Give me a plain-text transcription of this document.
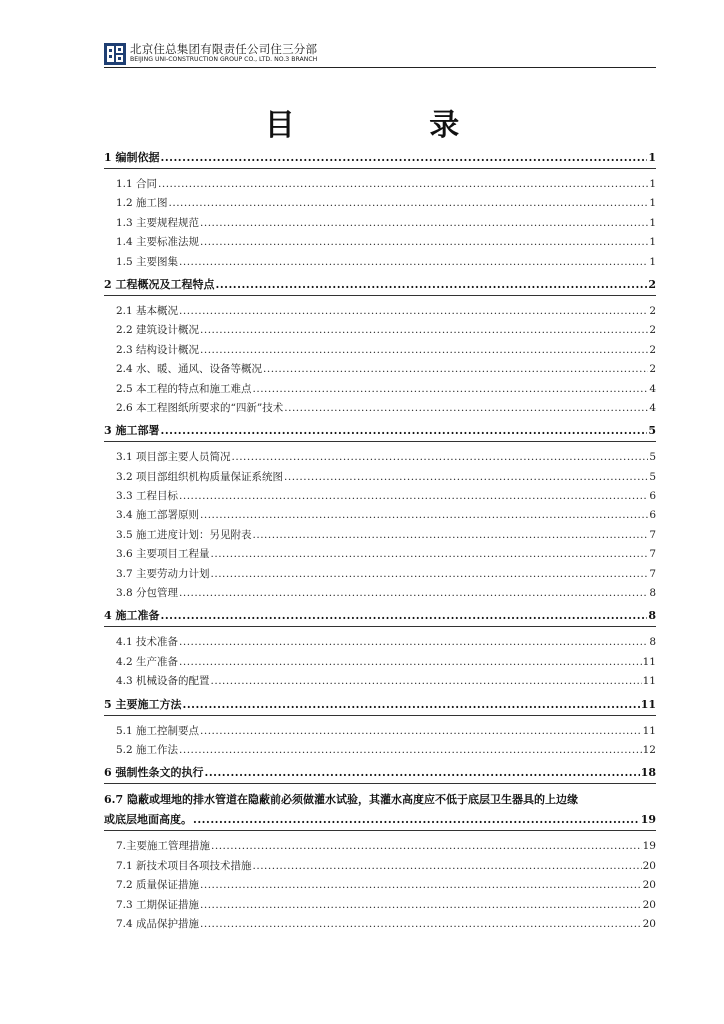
北京住总集团有限责任公司住三分部
BEIJING UNI-CONSTRUCTION GROUP CO., LTD. NO.3 BRANCH
目 录
1 编制依据 .....	1
1.1 合同 .....	1
1.2 施工图 .....	1
1.3 主要规程规范 .....	1
1.4 主要标准法规 .....	1
1.5 主要图集 .....	1
2 工程概况及工程特点 .....	2
2.1 基本概况 .....	2
2.2 建筑设计概况 .....	2
2.3 结构设计概况 .....	2
2.4 水、暖、通风、设备等概况 .....	2
2.5 本工程的特点和施工难点 .....	4
2.6 本工程图纸所要求的“四新”技术 .....	4
3 施工部署 .....	5
3.1 项目部主要人员简况 .....	5
3.2 项目部组织机构质量保证系统图 .....	5
3.3 工程目标 .....	6
3.4 施工部署原则 .....	6
3.5 施工进度计划：另见附表 .....	7
3.6 主要项目工程量 .....	7
3.7 主要劳动力计划 .....	7
3.8 分包管理 .....	8
4 施工准备 .....	8
4.1 技术准备 .....	8
4.2 生产准备 .....	11
4.3 机械设备的配置 .....	11
5 主要施工方法 .....	11
5.1 施工控制要点 .....	11
5.2 施工作法 .....	12
6 强制性条文的执行 .....	18
6.7 隐蔽或埋地的排水管道在隐蔽前必须做灌水试验，其灌水高度应不低于底层卫生器具的上边缘
或底层地面高度。 .....	19
7.主要施工管理措施 .....	19
7.1 新技术项目各项技术措施 .....	20
7.2 质量保证措施 .....	20
7.3 工期保证措施 .....	20
7.4 成品保护措施 .....	20
